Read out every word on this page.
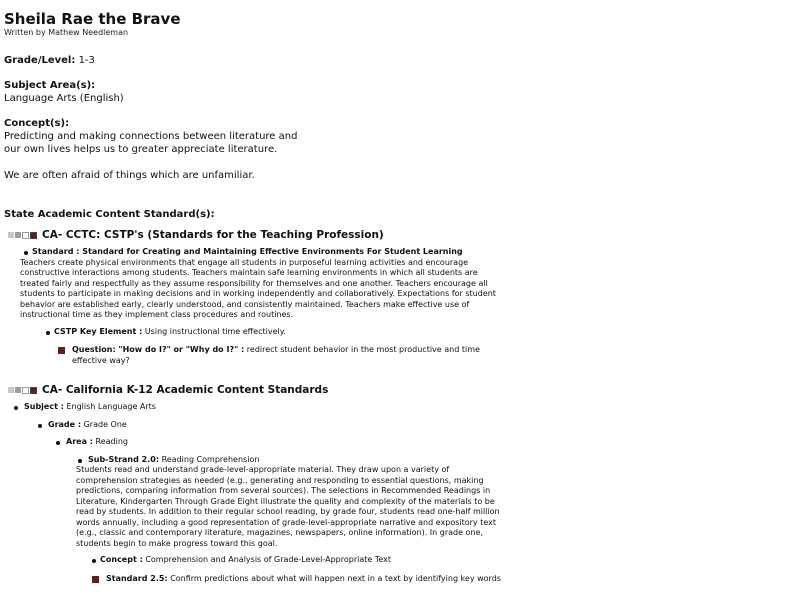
Sheila Rae the Brave
Written by Mathew Needleman
Grade/Level: 1-3
Subject Area(s):
Language Arts (English)
Concept(s):
Predicting and making connections between literature and
our own lives helps us to greater appreciate literature.
We are often afraid of things which are unfamiliar.
State Academic Content Standard(s):
CA- CCTC: CSTP's (Standards for the Teaching Profession)
Standard : Standard for Creating and Maintaining Effective Environments For Student Learning
Teachers create physical environments that engage all students in purposeful learning activities and encourage constructive interactions among students. Teachers maintain safe learning environments in which all students are treated fairly and respectfully as they assume responsibility for themselves and one another. Teachers encourage all students to participate in making decisions and in working independently and collaboratively. Expectations for student behavior are established early, clearly understood, and consistently maintained. Teachers make effective use of instructional time as they implement class procedures and routines.
CSTP Key Element : Using instructional time effectively.
Question: "How do I?" or "Why do I?" : redirect student behavior in the most productive and time effective way?
CA- California K-12 Academic Content Standards
Subject : English Language Arts
Grade : Grade One
Area : Reading
Sub-Strand 2.0: Reading Comprehension
Students read and understand grade-level-appropriate material. They draw upon a variety of comprehension strategies as needed (e.g., generating and responding to essential questions, making predictions, comparing information from several sources). The selections in Recommended Readings in Literature, Kindergarten Through Grade Eight illustrate the quality and complexity of the materials to be read by students. In addition to their regular school reading, by grade four, students read one-half million words annually, including a good representation of grade-level-appropriate narrative and expository text (e.g., classic and contemporary literature, magazines, newspapers, online information). In grade one, students begin to make progress toward this goal.
Concept : Comprehension and Analysis of Grade-Level-Appropriate Text
Standard 2.5: Confirm predictions about what will happen next in a text by identifying key words
